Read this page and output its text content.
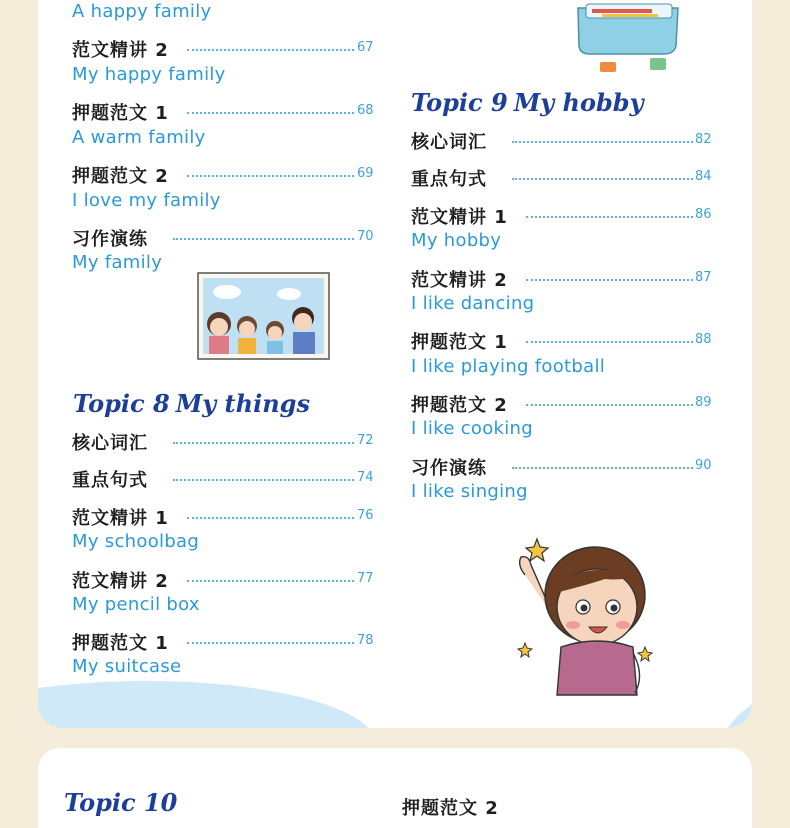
Topic 10	押题范文 2
A happy family
范文精讲 2	67
My happy family
押题范文 1	68
A warm family
押题范文 2	69
I love my family
习作演练	70
My family
Topic 8 My things
核心词汇	72
重点句式	74
范文精讲 1	76
My schoolbag
范文精讲 2	77
My pencil box
押题范文 1	78
My suitcase
Topic 9 My hobby
核心词汇	82
重点句式	84
范文精讲 1	86
My hobby
范文精讲 2	87
I like dancing
押题范文 1	88
I like playing football
押题范文 2	89
I like cooking
习作演练	90
I like singing
